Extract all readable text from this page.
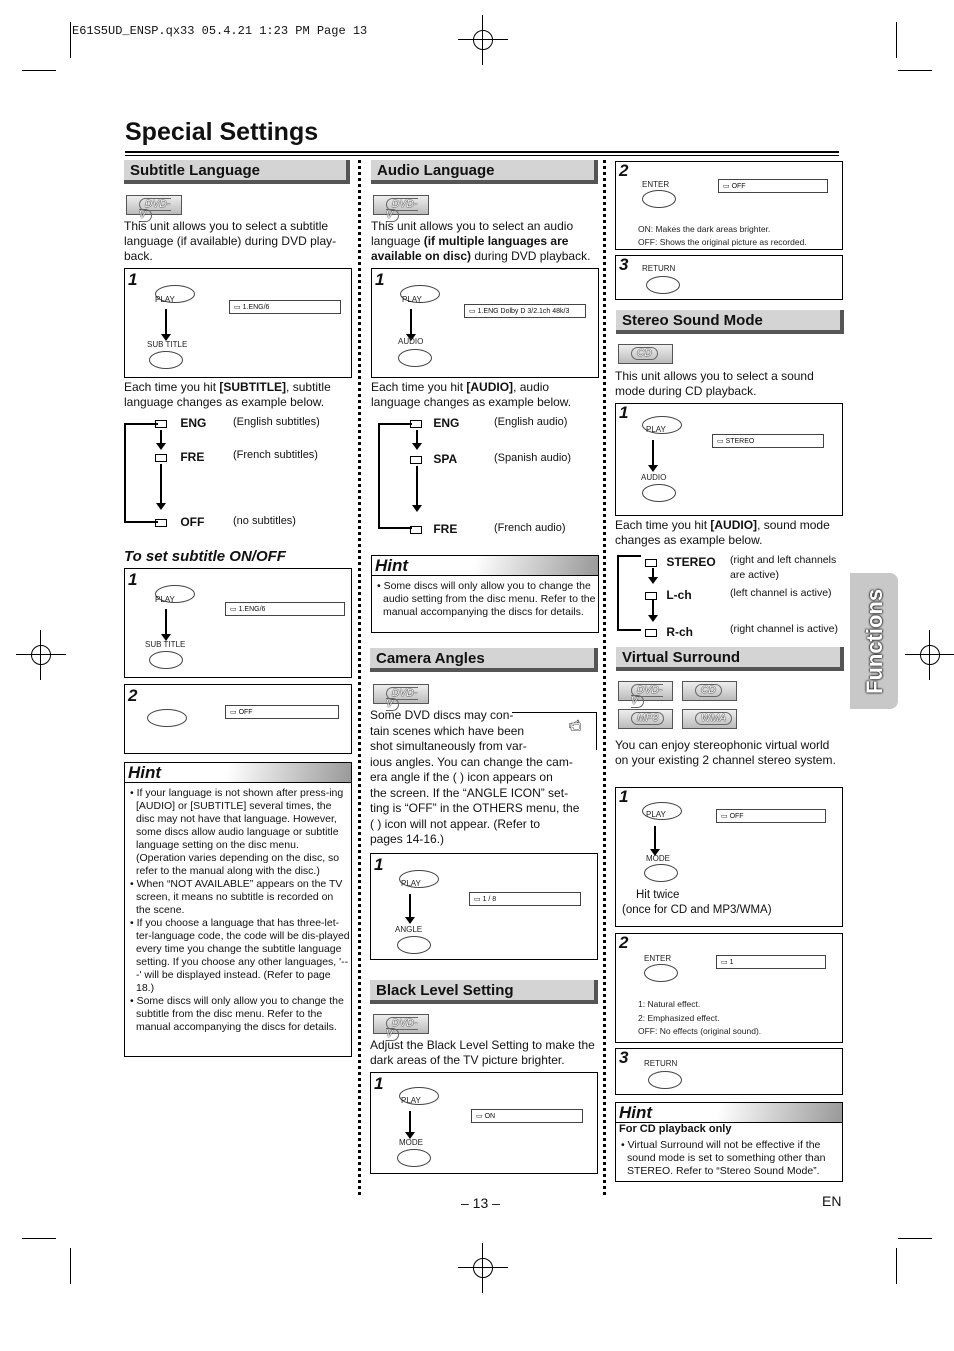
E61S5UD_ENSP.qx33 05.4.21 1:23 PM Page 13
Special Settings
Functions
Subtitle Language
DVD-V
This unit allows you to select a subtitle language (if available) during DVD play-back.
1
PLAY
SUB TITLE
▭ 1.ENG/6
Each time you hit [SUBTITLE], subtitle language changes as example below.
ENG (English subtitles)
FRE	(French subtitles)
OFF	(no subtitles)
To set subtitle ON/OFF
1
PLAY
SUB TITLE
▭ 1.ENG/6
2
▭ OFF
Hint

• If your language is not shown after press-ing [AUDIO] or [SUBTITLE] several times, the disc may not have that language. However, some discs allow audio language or subtitle language setting on the disc menu. (Operation varies depending on the disc, so refer to the manual along with the disc.)

• When “NOT AVAILABLE” appears on the TV screen, it means no subtitle is recorded on the scene.

• If you choose a language that has three-let-ter-language code, the code will be dis-played every time you change the subtitle language setting. If you choose any other languages, '---' will be displayed instead. (Refer to page 18.)

• Some discs will only allow you to change the subtitle from the disc menu. Refer to the manual accompanying the discs for details.

Audio Language
DVD-V
This unit allows you to select an audio language (if multiple languages are available on disc) during DVD playback.
1
PLAY
AUDIO
▭ 1.ENG Dolby D 3/2.1ch 48k/3
Each time you hit [AUDIO], audio language changes as example below.
ENG	(English audio)
SPA	(Spanish audio)
FRE	(French audio)
Hint

• Some discs will only allow you to change the audio setting from the disc menu. Refer to the manual accompanying the discs for details.

Camera Angles
DVD-V
📹︎
Some DVD discs may con-
tain scenes which have been
shot simultaneously from var-
ious angles. You can change the cam-
era angle if the ( ) icon appears on
the screen. If the “ANGLE ICON” set-
ting is “OFF” in the OTHERS menu, the
( ) icon will not appear. (Refer to
pages 14-16.)
1
PLAY
ANGLE
▭ 1 / 8
Black Level Setting
DVD-V
Adjust the Black Level Setting to make the dark areas of the TV picture brighter.
1
PLAY
MODE
▭ ON
2
ENTER	▭ OFF
ON: Makes the dark areas brighter.
OFF: Shows the original picture as recorded.
3 RETURN
Stereo Sound Mode
CD
This unit allows you to select a sound mode during CD playback.
1
PLAY
AUDIO
▭ STEREO
Each time you hit [AUDIO], sound mode changes as example below.
STEREO (right and left channels
are active)
L-ch	(left channel is active)
R-ch	(right channel is active)
Virtual Surround
DVD-V
CD
MP3	WMA
You can enjoy stereophonic virtual world on your existing 2 channel stereo system.
1
PLAY
MODE
▭ OFF
Hit twice
(once for CD and MP3/WMA)
2
ENTER	▭ 1
1: Natural effect.
2: Emphasized effect.
OFF: No effects (original sound).
3 RETURN
Hint
For CD playback only

• Virtual Surround will not be effective if the sound mode is set to something other than STEREO. Refer to “Stereo Sound Mode”.

– 13 –	EN
